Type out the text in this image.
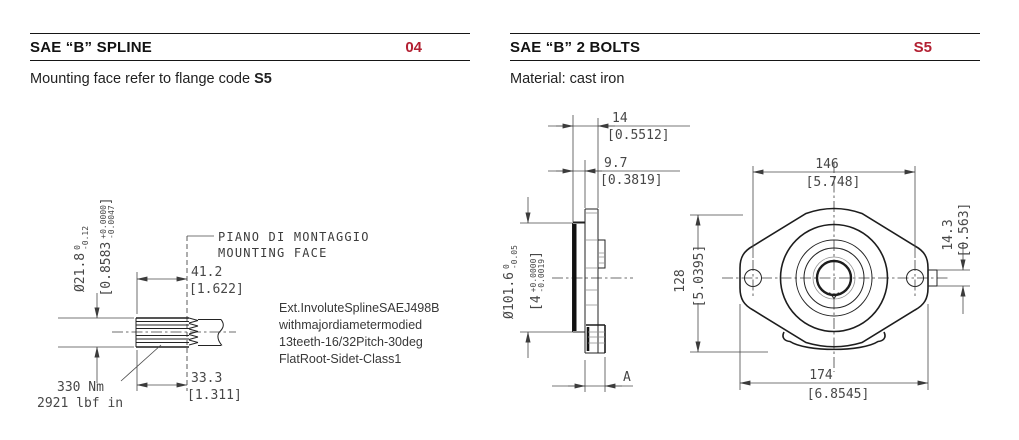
Ø21.8$^0$-0.12
$[0.8583^{+0.0000}-0.0047]$
PIANO DI MONTAGGIO
MOUNTING FACE
41.2
[1.622]
33.3
[1.311]
330 Nm
2921 lbf in
Ext.InvoluteSplineSAEJ498B
withmajordiametermodied
13teeth-16/32Pitch-30deg
FlatRoot-Sidet-Class1
14
[0.5512]
9.7
[0.3819]
Ø101.6$^0$-0.05
$[4^{+0.0000}-0.0019]$
A
146
[5.748]
128 [5.0395]
174
[6.8545]
14.3 [0.563]
SAE “B” SPLINE	04
Mounting face refer to flange code S5
SAE “B” 2 BOLTS	S5
Material: cast iron
